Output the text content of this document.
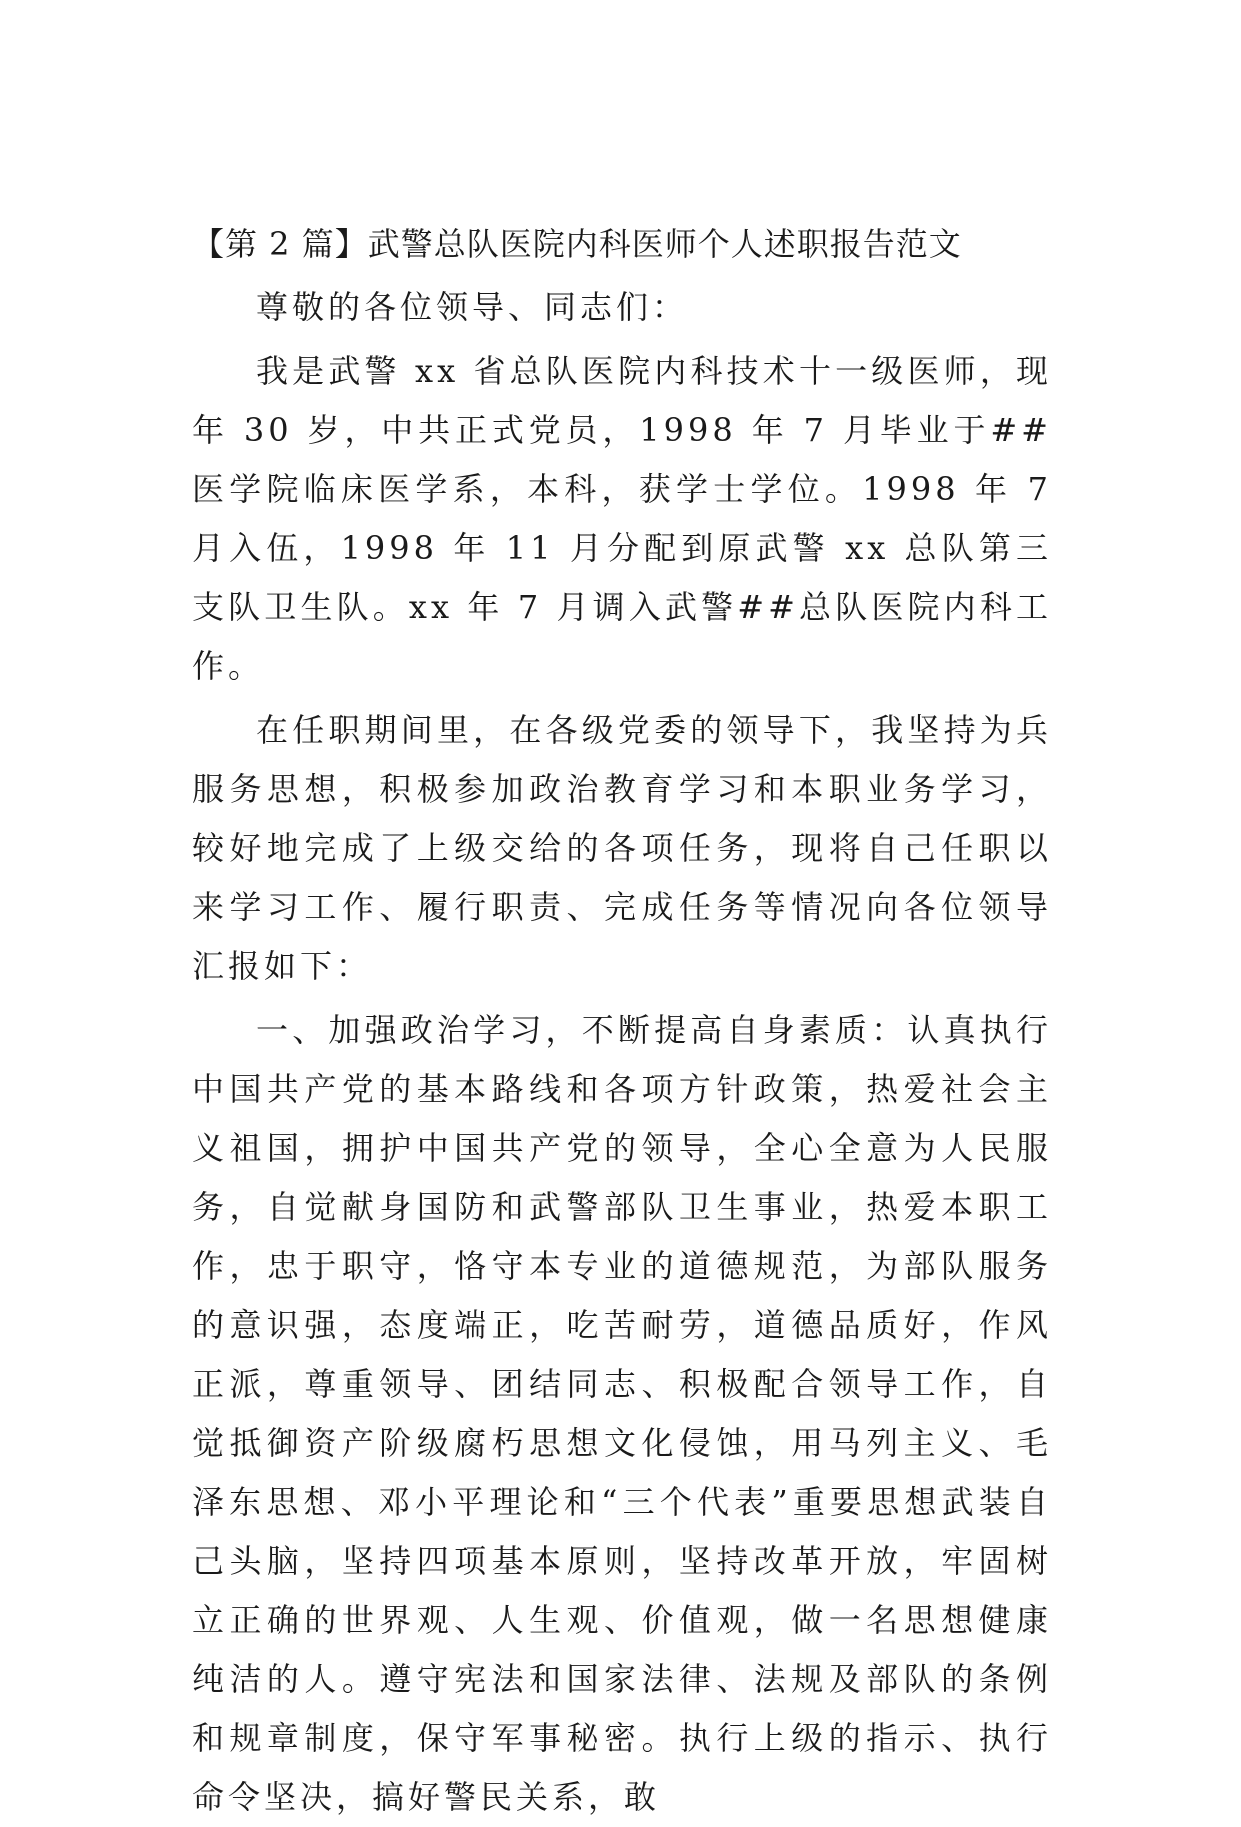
【第 2 篇】武警总队医院内科医师个人述职报告范文

尊敬的各位领导、同志们：

我是武警 xx 省总队医院内科技术十一级医师，现年 30 岁，中共正式党员，1998 年 7 月毕业于##医学院临床医学系，本科，获学士学位。1998 年 7 月入伍，1998 年 11 月分配到原武警 xx 总队第三支队卫生队。xx 年 7 月调入武警##总队医院内科工作。

在任职期间里，在各级党委的领导下，我坚持为兵服务思想，积极参加政治教育学习和本职业务学习，较好地完成了上级交给的各项任务，现将自己任职以来学习工作、履行职责、完成任务等情况向各位领导汇报如下：

一、加强政治学习，不断提高自身素质：认真执行中国共产党的基本路线和各项方针政策，热爱社会主义祖国，拥护中国共产党的领导，全心全意为人民服务，自觉献身国防和武警部队卫生事业，热爱本职工作，忠于职守，恪守本专业的道德规范，为部队服务的意识强，态度端正，吃苦耐劳，道德品质好，作风正派，尊重领导、团结同志、积极配合领导工作，自觉抵御资产阶级腐朽思想文化侵蚀，用马列主义、毛泽东思想、邓小平理论和“三个代表”重要思想武装自己头脑，坚持四项基本原则，坚持改革开放，牢固树立正确的世界观、人生观、价值观，做一名思想健康纯洁的人。遵守宪法和国家法律、法规及部队的条例和规章制度，保守军事秘密。执行上级的指示、执行命令坚决，搞好警民关系，敢
